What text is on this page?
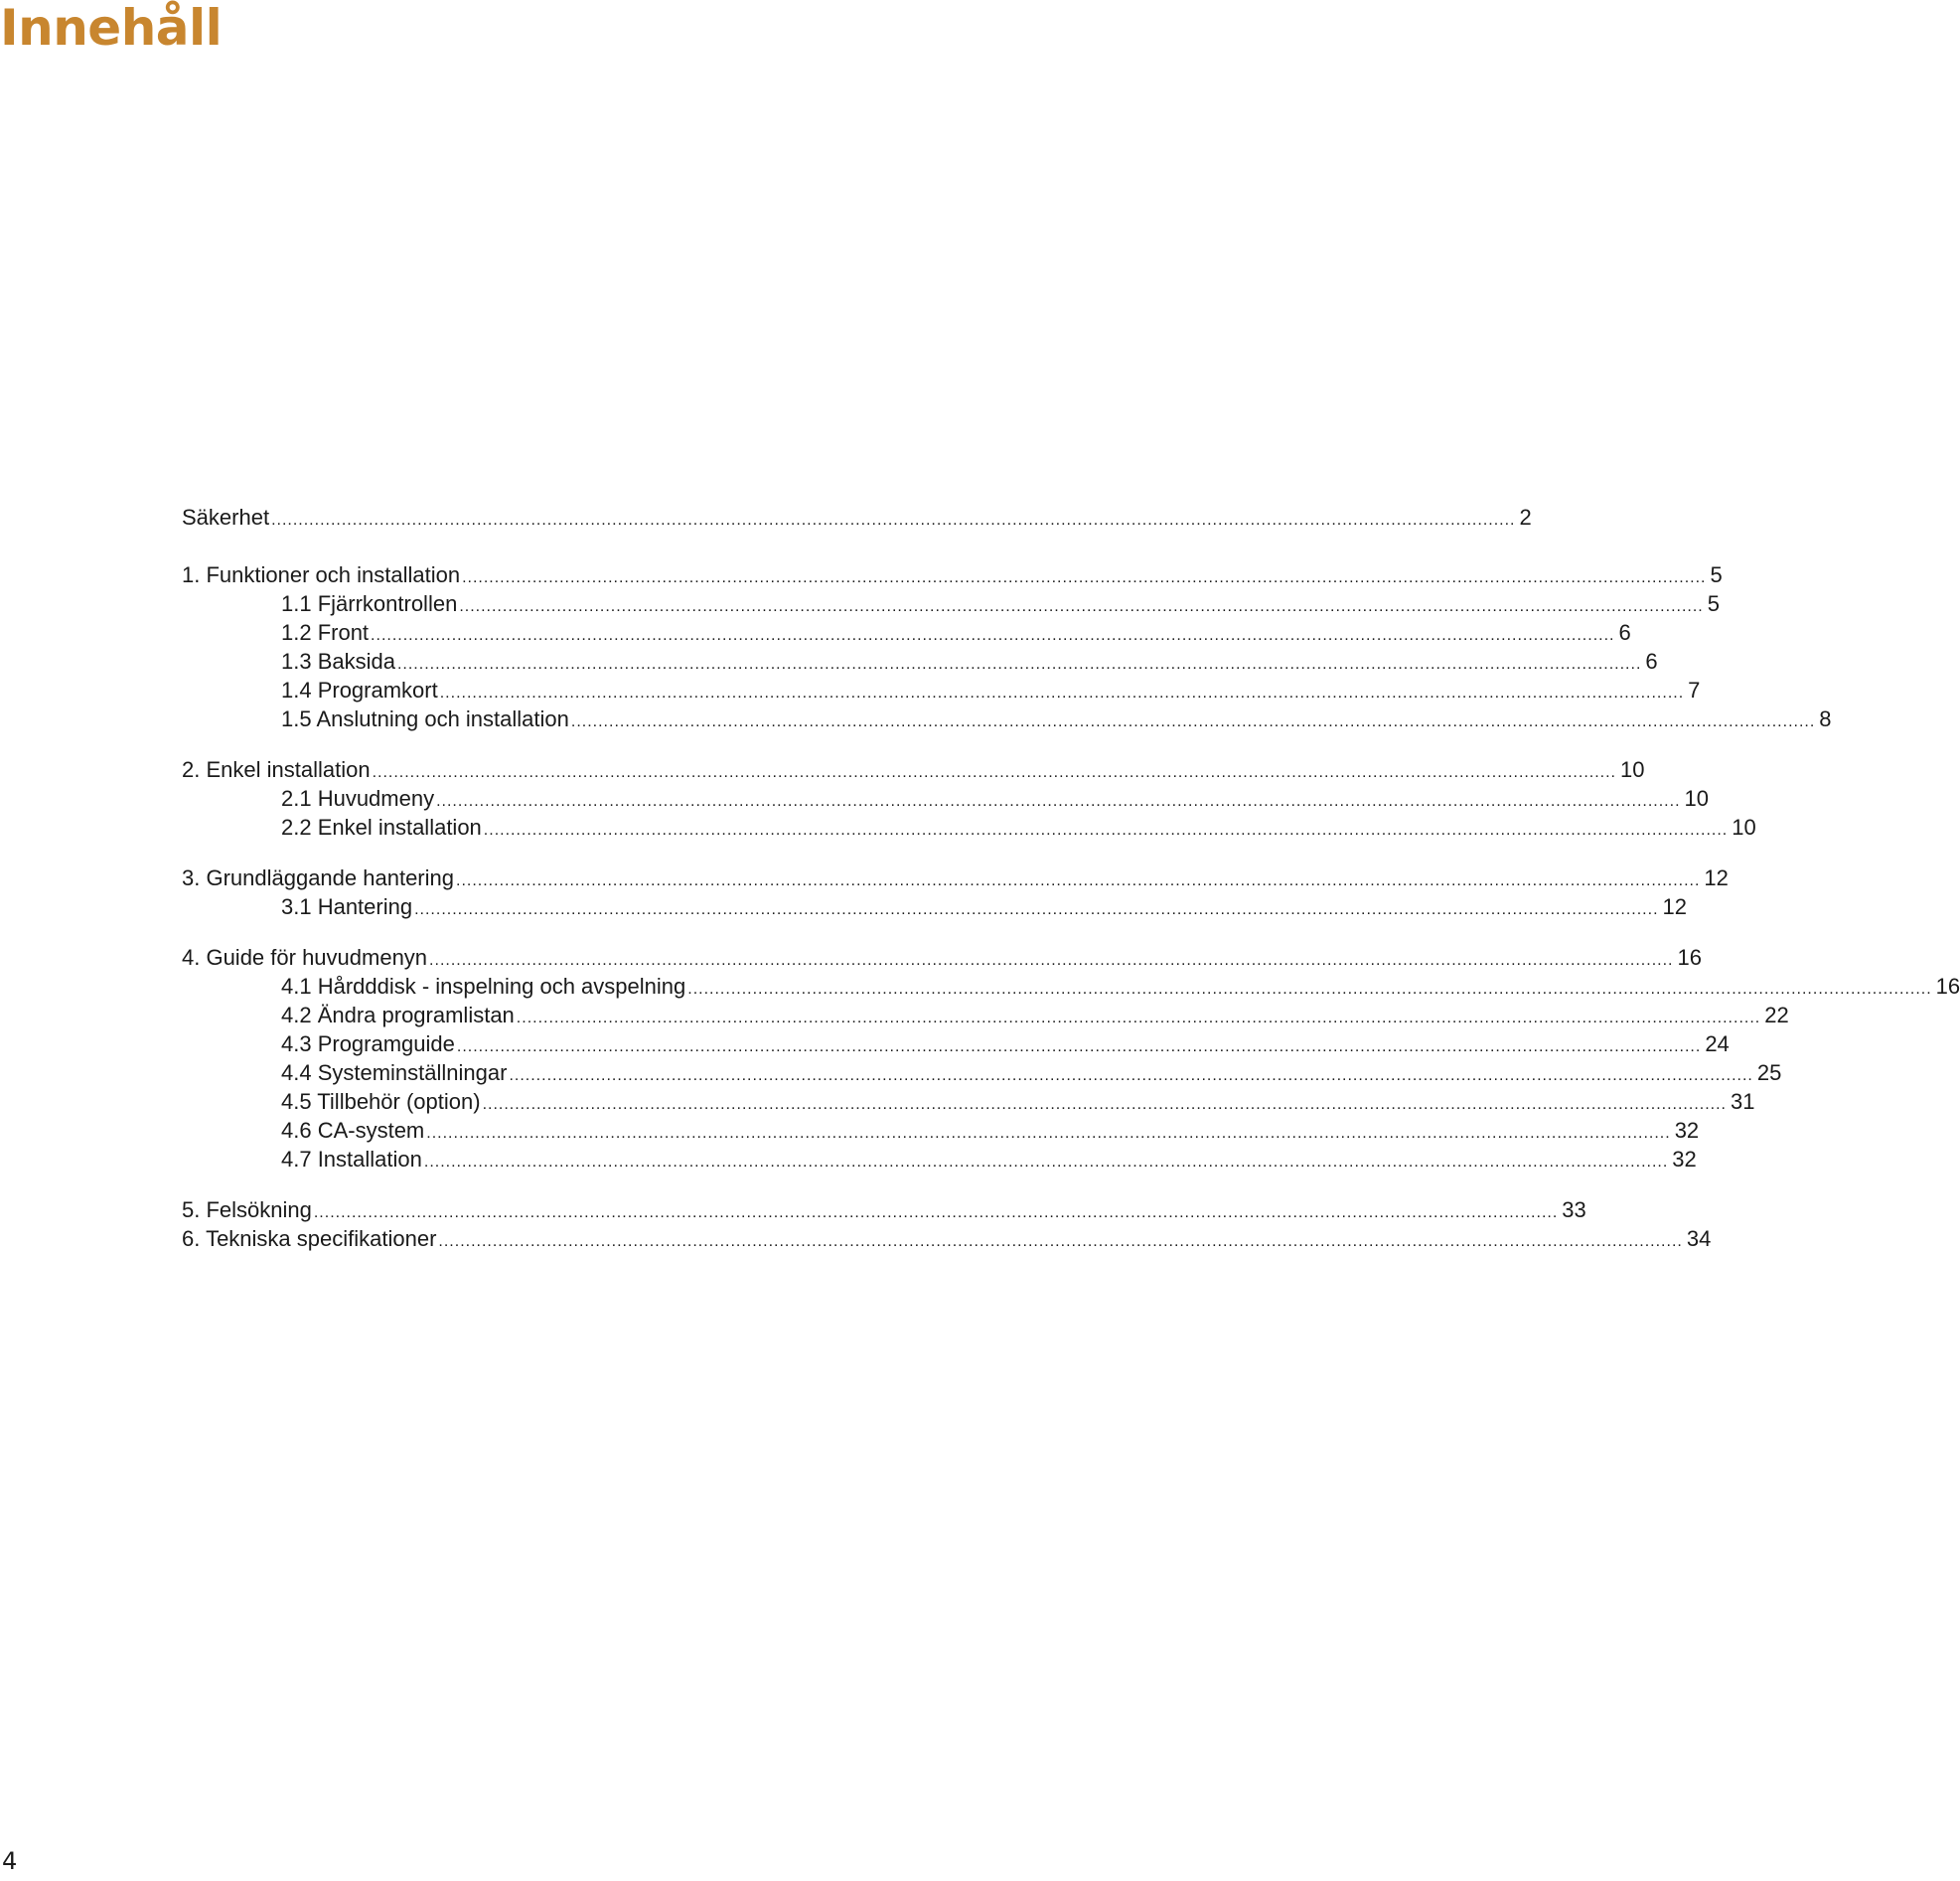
Innehåll
Säkerhet .....	2
1. Funktioner och installation .....	5
1.1 Fjärrkontrollen .....	5
1.2 Front .....	6
1.3 Baksida .....	6
1.4 Programkort .....	7
1.5 Anslutning och installation .....	8
2. Enkel installation .....	10
2.1 Huvudmeny .....	10
2.2 Enkel installation .....	10
3. Grundläggande hantering .....	12
3.1 Hantering .....	12
4. Guide för huvudmenyn .....	16
4.1 Hårdddisk - inspelning och avspelning .....	16
4.2 Ändra programlistan .....	22
4.3 Programguide .....	24
4.4 Systeminställningar .....	25
4.5 Tillbehör (option) .....	31
4.6 CA-system .....	32
4.7 Installation .....	32
5. Felsökning .....	33
6. Tekniska specifikationer .....	34
4
